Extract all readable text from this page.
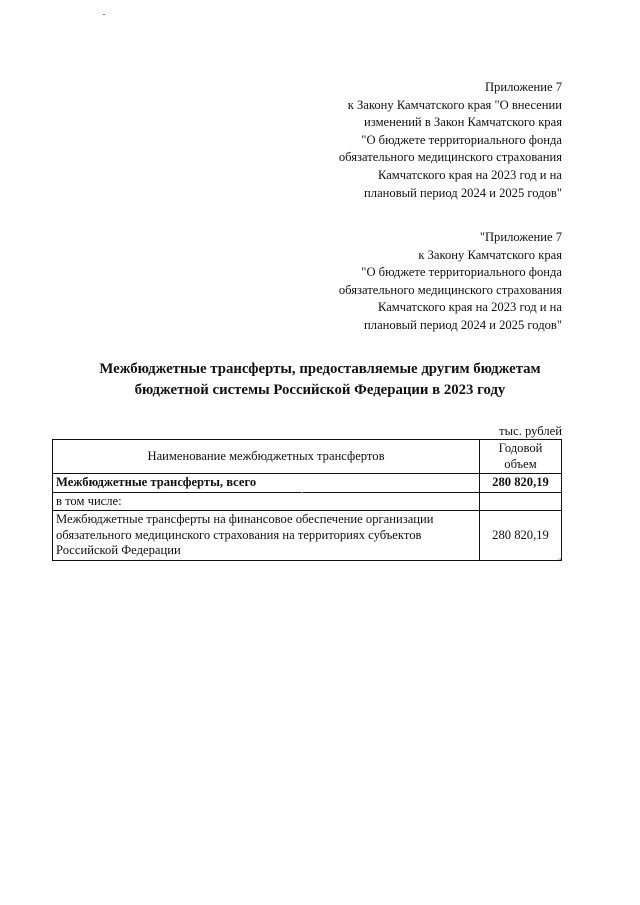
Приложение 7
к Закону Камчатского края "О внесении
изменений в Закон Камчатского края
"О бюджете территориального фонда
обязательного медицинского страхования
Камчатского края на 2023 год и на
плановый период 2024 и 2025 годов"
"Приложение 7
к Закону Камчатского края
"О бюджете территориального фонда
обязательного медицинского страхования
Камчатского края на 2023 год и на
плановый период 2024 и 2025 годов"
Межбюджетные трансферты, предоставляемые другим бюджетам
бюджетной системы Российской Федерации в 2023 году
тыс. рублей
Наименование межбюджетных трансфертов	Годовой объем
Межбюджетные трансферты, всего	280 820,19
в том числе:	
Межбюджетные трансферты на финансовое обеспечение организации обязательного медицинского страхования на территориях субъектов Российской Федерации	280 820,19
"
